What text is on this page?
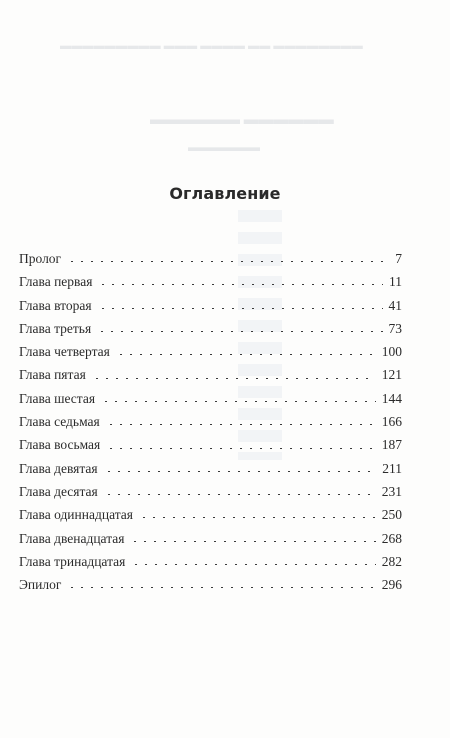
▬▬▬▬▬▬▬▬▬ ▬▬▬ ▬▬▬▬ ▬▬ ▬▬▬▬▬▬▬▬
▬▬▬▬▬▬ ▬▬▬▬▬▬
▬▬▬▬▬▬
Оглавление
Пролог	7
Глава первая	11
Глава вторая	41
Глава третья	73
Глава четвертая	100
Глава пятая	121
Глава шестая	144
Глава седьмая	166
Глава восьмая	187
Глава девятая	211
Глава десятая	231
Глава одиннадцатая	250
Глава двенадцатая	268
Глава тринадцатая	282
Эпилог	296
